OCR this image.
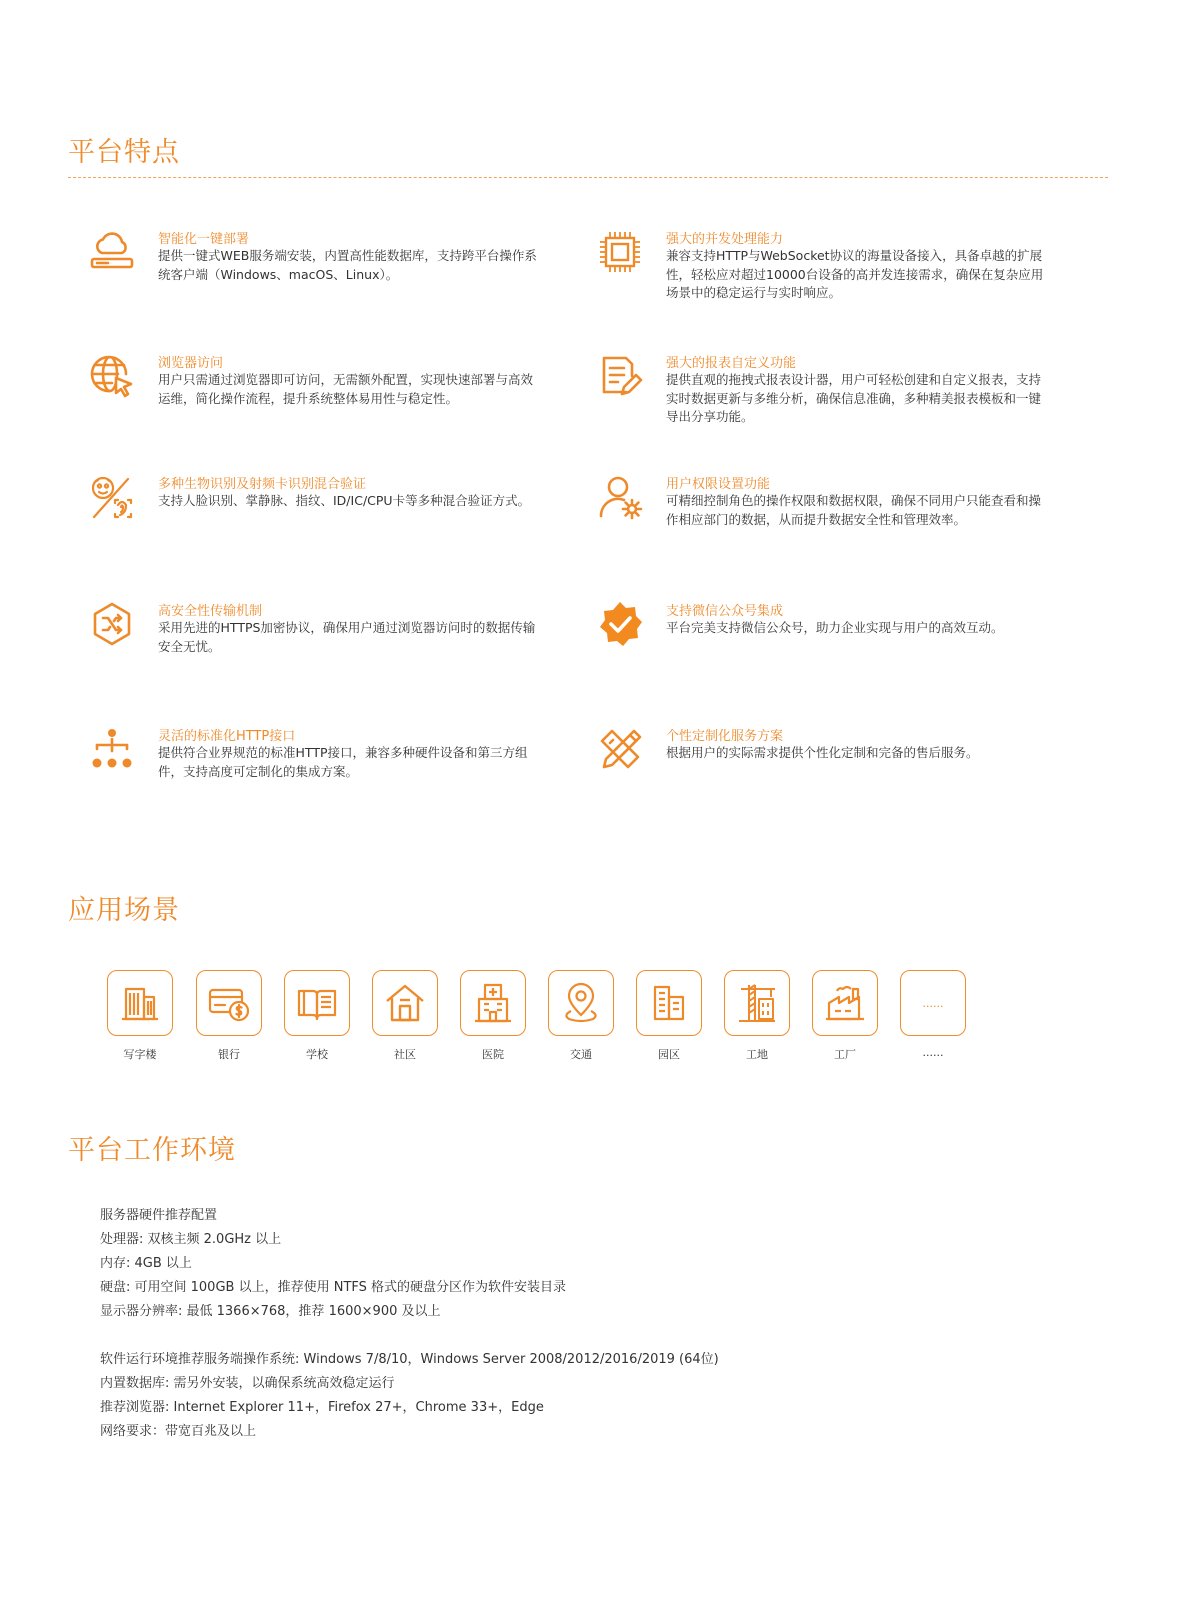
平台特点
智能化一键部署
提供一键式WEB服务端安装，内置高性能数据库，支持跨平台操作系统客户端（Windows、macOS、Linux）。
强大的并发处理能力
兼容支持HTTP与WebSocket协议的海量设备接入，具备卓越的扩展性，轻松应对超过10000台设备的高并发连接需求，确保在复杂应用场景中的稳定运行与实时响应。
浏览器访问
用户只需通过浏览器即可访问，无需额外配置，实现快速部署与高效运维，简化操作流程，提升系统整体易用性与稳定性。
强大的报表自定义功能
提供直观的拖拽式报表设计器，用户可轻松创建和自定义报表，支持实时数据更新与多维分析，确保信息准确，多种精美报表模板和一键导出分享功能。
多种生物识别及射频卡识别混合验证
支持人脸识别、掌静脉、指纹、ID/IC/CPU卡等多种混合验证方式。
用户权限设置功能
可精细控制角色的操作权限和数据权限，确保不同用户只能查看和操作相应部门的数据，从而提升数据安全性和管理效率。
高安全性传输机制
采用先进的HTTPS加密协议，确保用户通过浏览器访问时的数据传输安全无忧。
支持微信公众号集成
平台完美支持微信公众号，助力企业实现与用户的高效互动。
灵活的标准化HTTP接口
提供符合业界规范的标准HTTP接口，兼容多种硬件设备和第三方组件，支持高度可定制化的集成方案。
个性定制化服务方案
根据用户的实际需求提供个性化定制和完备的售后服务。
应用场景
写字楼	银行	学校	社区	医院	交通	园区	工地	工厂
......
......
平台工作环境
服务器硬件推荐配置
处理器: 双核主频 2.0GHz 以上
内存: 4GB 以上
硬盘: 可用空间 100GB 以上，推荐使用 NTFS 格式的硬盘分区作为软件安装目录
显示器分辨率: 最低 1366×768，推荐 1600×900 及以上
软件运行环境推荐服务端操作系统: Windows 7/8/10，Windows Server 2008/2012/2016/2019 (64位)
内置数据库: 需另外安装，以确保系统高效稳定运行
推荐浏览器: Internet Explorer 11+，Firefox 27+，Chrome 33+，Edge
网络要求：带宽百兆及以上
